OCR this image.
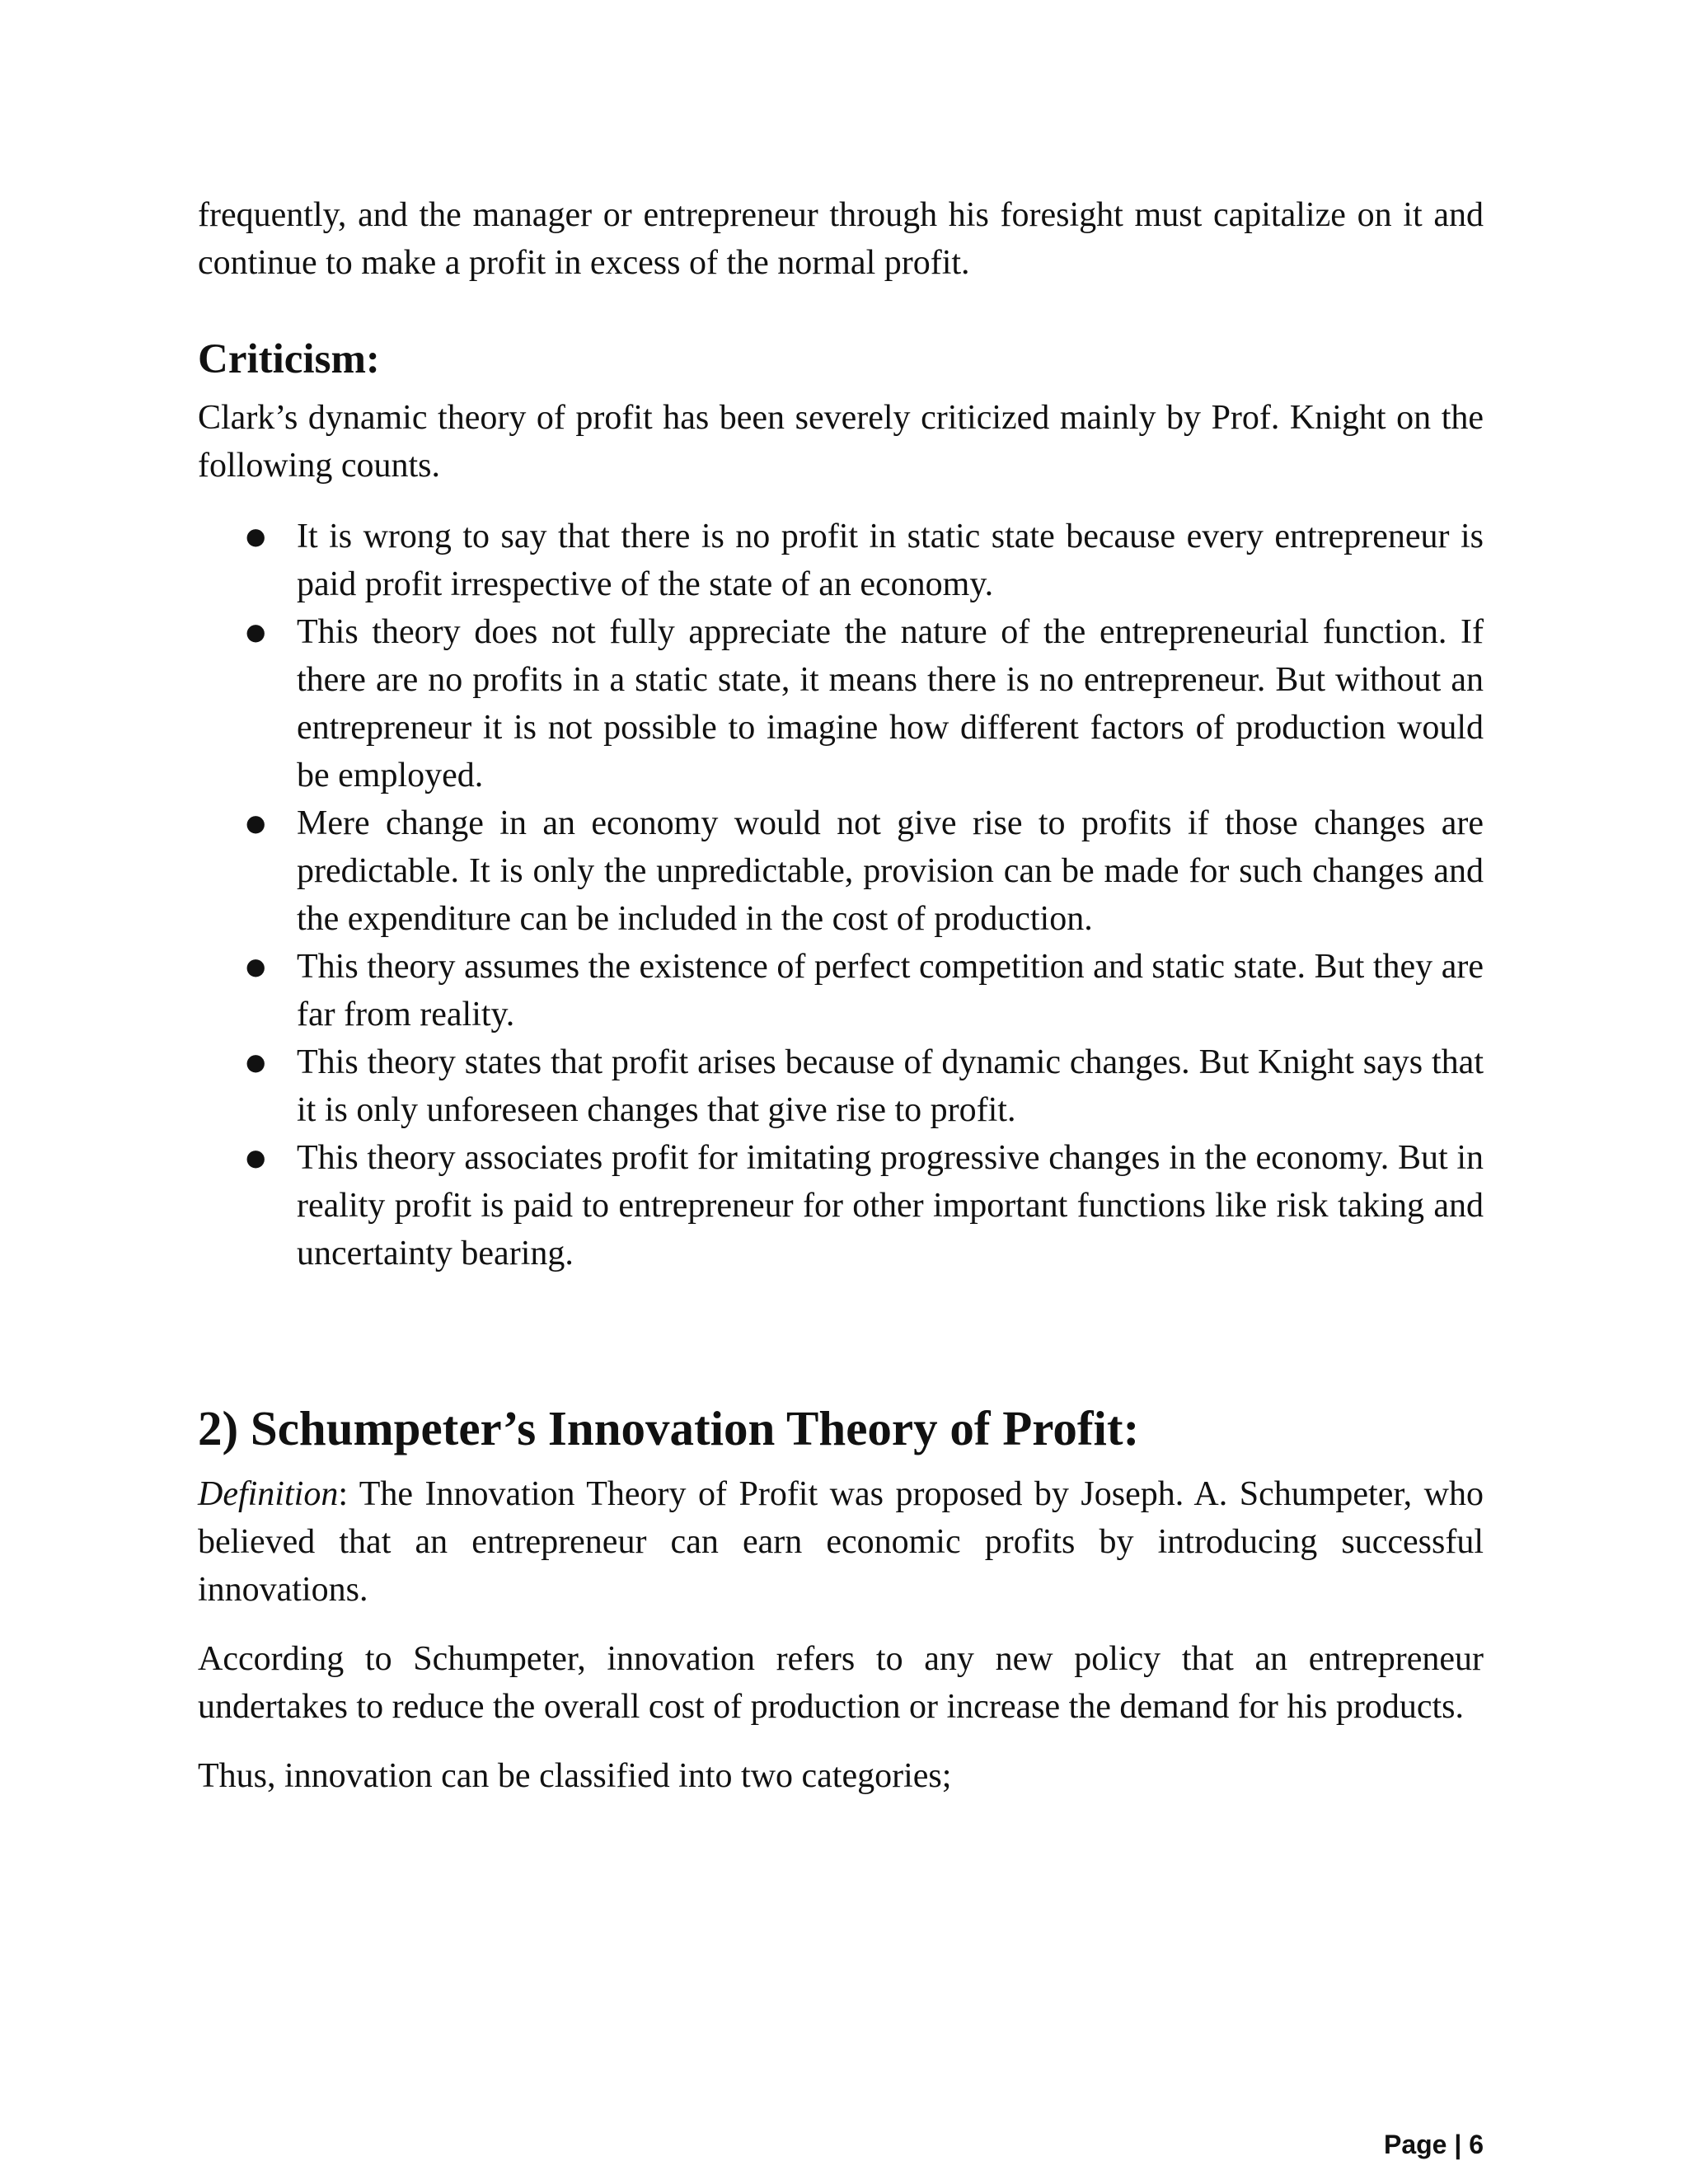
frequently, and the manager or entrepreneur through his foresight must capitalize on it and continue to make a profit in excess of the normal profit.

Criticism:

Clark’s dynamic theory of profit has been severely criticized mainly by Prof. Knight on the following counts.

● It is wrong to say that there is no profit in static state because every entrepreneur is paid profit irrespective of the state of an economy.
● This theory does not fully appreciate the nature of the entrepreneurial function. If there are no profits in a static state, it means there is no entrepreneur. But without an entrepreneur it is not possible to imagine how different factors of production would be employed.
● Mere change in an economy would not give rise to profits if those changes are predictable. It is only the unpredictable, provision can be made for such changes and the expenditure can be included in the cost of production.
● This theory assumes the existence of perfect competition and static state. But they are far from reality.
● This theory states that profit arises because of dynamic changes. But Knight says that it is only unforeseen changes that give rise to profit.
● This theory associates profit for imitating progressive changes in the economy. But in reality profit is paid to entrepreneur for other important functions like risk taking and uncertainty bearing.
2) Schumpeter’s Innovation Theory of Profit:

Definition: The Innovation Theory of Profit was proposed by Joseph. A. Schumpeter, who believed that an entrepreneur can earn economic profits by introducing successful innovations.

According to Schumpeter, innovation refers to any new policy that an entrepreneur undertakes to reduce the overall cost of production or increase the demand for his products.

Thus, innovation can be classified into two categories;

Page | 6
